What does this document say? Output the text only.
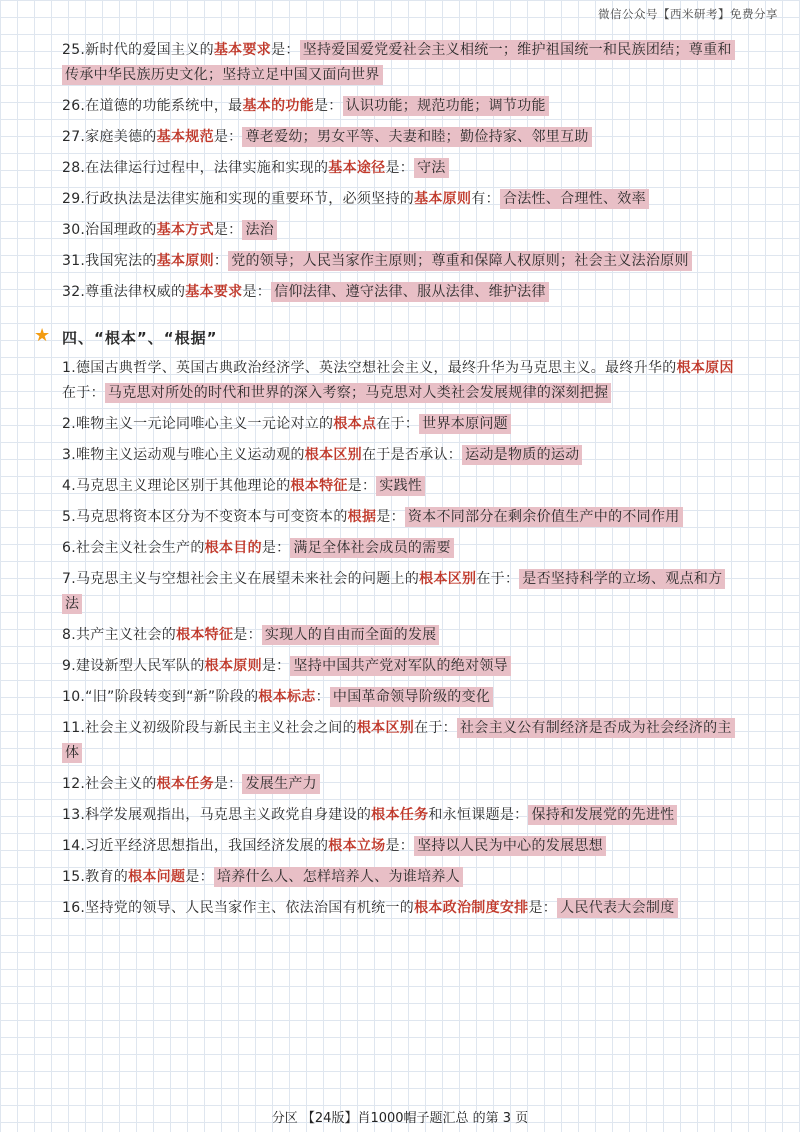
微信公众号【西米研考】免费分享

25.新时代的爱国主义的基本要求是： 坚持爱国爱党爱社会主义相统一；维护祖国统一和民族团结；尊重和传承中华民族历史文化；坚持立足中国又面向世界

26.在道德的功能系统中，最基本的功能是： 认识功能；规范功能；调节功能

27.家庭美德的基本规范是： 尊老爱幼；男女平等、夫妻和睦；勤俭持家、邻里互助

28.在法律运行过程中，法律实施和实现的基本途径是： 守法

29.行政执法是法律实施和实现的重要环节，必须坚持的基本原则有： 合法性、合理性、效率

30.治国理政的基本方式是： 法治

31.我国宪法的基本原则： 党的领导；人民当家作主原则；尊重和保障人权原则；社会主义法治原则

32.尊重法律权威的基本要求是： 信仰法律、遵守法律、服从法律、维护法律

★ 四、“根本”、“根据”

1.德国古典哲学、英国古典政治经济学、英法空想社会主义，最终升华为马克思主义。最终升华的根本原因在于： 马克思对所处的时代和世界的深入考察；马克思对人类社会发展规律的深刻把握

2.唯物主义一元论同唯心主义一元论对立的根本点在于： 世界本原问题

3.唯物主义运动观与唯心主义运动观的根本区别在于是否承认： 运动是物质的运动

4.马克思主义理论区别于其他理论的根本特征是： 实践性

5.马克思将资本区分为不变资本与可变资本的根据是： 资本不同部分在剩余价值生产中的不同作用

6.社会主义社会生产的根本目的是： 满足全体社会成员的需要

7.马克思主义与空想社会主义在展望未来社会的问题上的根本区别在于： 是否坚持科学的立场、观点和方法

8.共产主义社会的根本特征是： 实现人的自由而全面的发展

9.建设新型人民军队的根本原则是： 坚持中国共产党对军队的绝对领导

10.“旧”阶段转变到“新”阶段的根本标志： 中国革命领导阶级的变化

11.社会主义初级阶段与新民主主义社会之间的根本区别在于： 社会主义公有制经济是否成为社会经济的主体

12.社会主义的根本任务是： 发展生产力

13.科学发展观指出，马克思主义政党自身建设的根本任务和永恒课题是： 保持和发展党的先进性

14.习近平经济思想指出，我国经济发展的根本立场是： 坚持以人民为中心的发展思想

15.教育的根本问题是： 培养什么人、怎样培养人、为谁培养人

16.坚持党的领导、人民当家作主、依法治国有机统一的根本政治制度安排是： 人民代表大会制度

分区 【24版】肖1000帽子题汇总 的第 3 页
